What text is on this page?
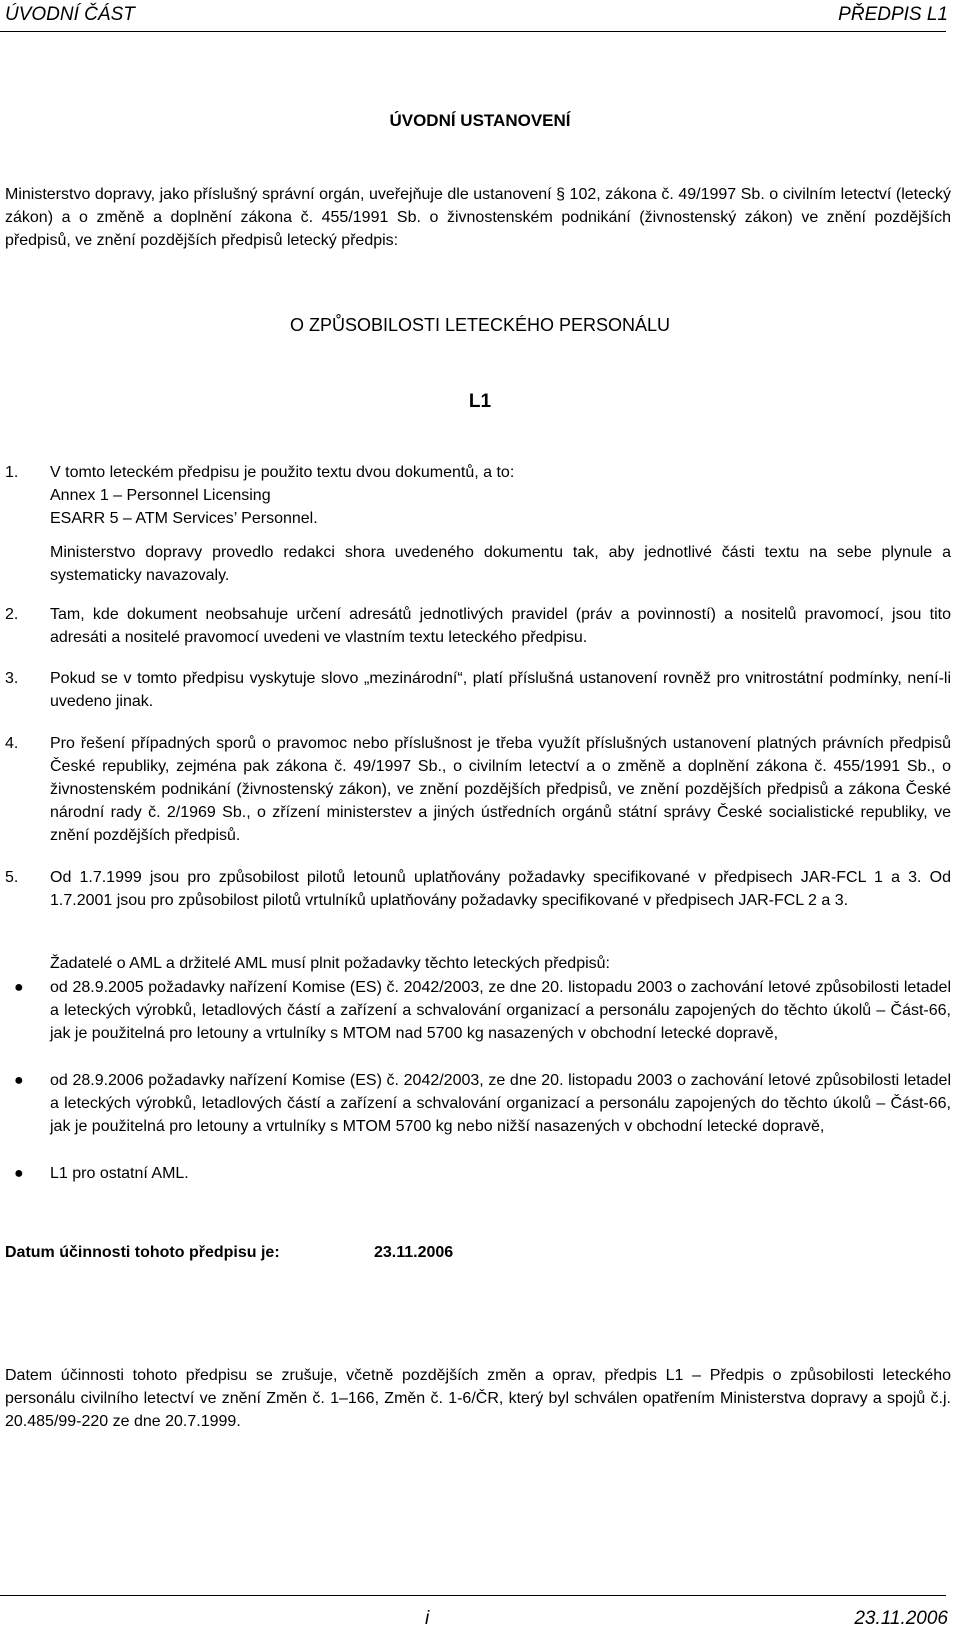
ÚVODNÍ ČÁST	PŘEDPIS L1
ÚVODNÍ USTANOVENÍ
Ministerstvo dopravy, jako příslušný správní orgán, uveřejňuje dle ustanovení § 102, zákona č. 49/1997 Sb. o civilním letectví (letecký zákon) a o změně a doplnění zákona č. 455/1991 Sb. o živnostenském podnikání (živnostenský zákon) ve znění pozdějších předpisů, ve znění pozdějších předpisů letecký předpis:
O ZPŮSOBILOSTI LETECKÉHO PERSONÁLU
L1
1.	V tomto leteckém předpisu je použito textu dvou dokumentů, a to:
Annex 1 – Personnel Licensing
ESARR 5 – ATM Services’ Personnel.
Ministerstvo dopravy provedlo redakci shora uvedeného dokumentu tak, aby jednotlivé části textu na sebe plynule a systematicky navazovaly.
2.	Tam, kde dokument neobsahuje určení adresátů jednotlivých pravidel (práv a povinností) a nositelů pravomocí, jsou tito adresáti a nositelé pravomocí uvedeni ve vlastním textu leteckého předpisu.
3.	Pokud se v tomto předpisu vyskytuje slovo „mezinárodní“, platí příslušná ustanovení rovněž pro vnitrostátní podmínky, není-li uvedeno jinak.
4.	Pro řešení případných sporů o pravomoc nebo příslušnost je třeba využít příslušných ustanovení platných právních předpisů České republiky, zejména pak zákona č. 49/1997 Sb., o civilním letectví a o změně a doplnění zákona č. 455/1991 Sb., o živnostenském podnikání (živnostenský zákon), ve znění pozdějších předpisů, ve znění pozdějších předpisů a zákona České národní rady č. 2/1969 Sb., o zřízení ministerstev a jiných ústředních orgánů státní správy České socialistické republiky, ve znění pozdějších předpisů.
5.	Od 1.7.1999 jsou pro způsobilost pilotů letounů uplatňovány požadavky specifikované v předpisech JAR-FCL 1 a 3. Od 1.7.2001 jsou pro způsobilost pilotů vrtulníků uplatňovány požadavky specifikované v předpisech JAR-FCL 2 a 3.
Žadatelé o AML a držitelé AML musí plnit požadavky těchto leteckých předpisů:
● od 28.9.2005 požadavky nařízení Komise (ES) č. 2042/2003, ze dne 20. listopadu 2003 o zachování letové způsobilosti letadel a leteckých výrobků, letadlových částí a zařízení a schvalování organizací a personálu zapojených do těchto úkolů – Část-66, jak je použitelná pro letouny a vrtulníky s MTOM nad 5700 kg nasazených v obchodní letecké dopravě,
● od 28.9.2006 požadavky nařízení Komise (ES) č. 2042/2003, ze dne 20. listopadu 2003 o zachování letové způsobilosti letadel a leteckých výrobků, letadlových částí a zařízení a schvalování organizací a personálu zapojených do těchto úkolů – Část-66, jak je použitelná pro letouny a vrtulníky s MTOM 5700 kg nebo nižší nasazených v obchodní letecké dopravě,
● L1 pro ostatní AML.
Datum účinnosti tohoto předpisu je:	23.11.2006
Datem účinnosti tohoto předpisu se zrušuje, včetně pozdějších změn a oprav, předpis L1 – Předpis o způsobilosti leteckého personálu civilního letectví ve znění Změn č. 1–166, Změn č. 1-6/ČR, který byl schválen opatřením Ministerstva dopravy a spojů č.j. 20.485/99-220 ze dne 20.7.1999.
i	23.11.2006
